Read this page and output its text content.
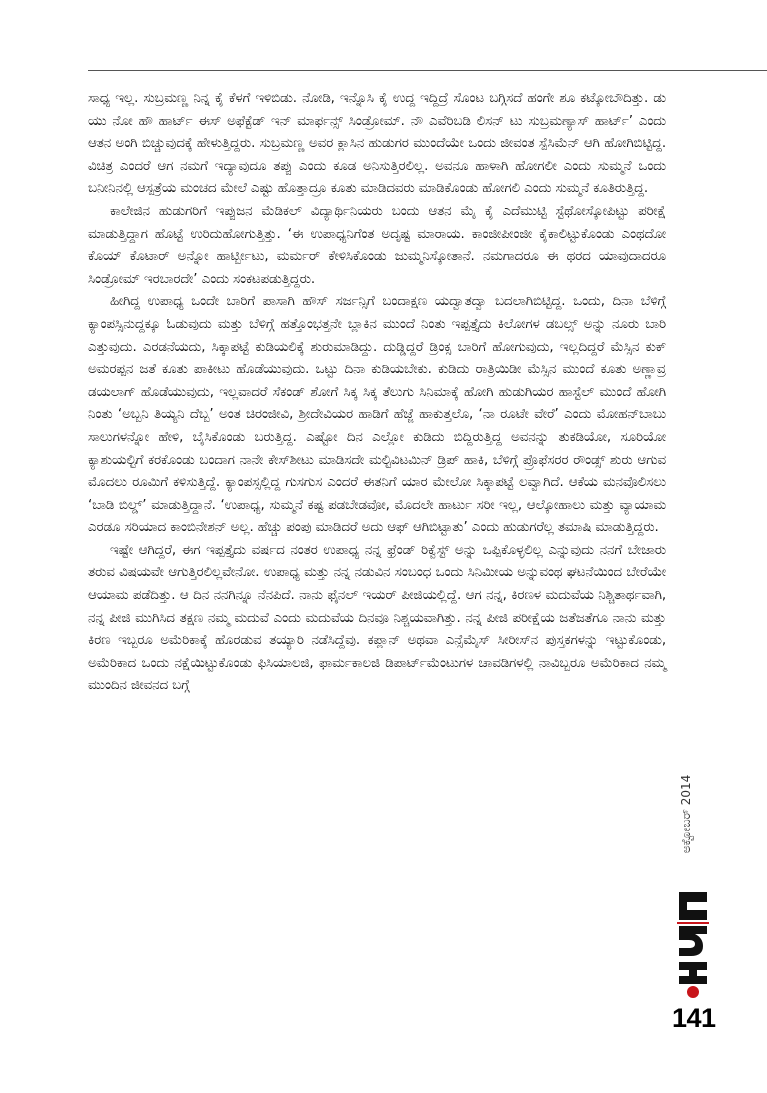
ಸಾಧ್ಯ ಇಲ್ಲ. ಸುಬ್ರಮಣ್ಣ ನಿನ್ನ ಕೈ ಕೆಳಗೆ ಇಳಿಬಿಡು. ನೋಡಿ, ಇನ್ನೊಸಿ ಕೈ ಉದ್ದ ಇದ್ದಿದ್ರೆ ಸೊಂಟ ಬಗ್ಗಿಸದೆ ಹಂಗೇ ಶೂ ಕಟ್ಕೋಬೌದಿತ್ತು. ಡು ಯು ನೋ ಹೌ ಹಾರ್ಟ್ ಈಸ್ ಅಫೆಕ್ಟೆಡ್ ಇನ್ ಮಾರ್ಫನ್ಸ್ ಸಿಂಡ್ರೋಮ್. ನೌ ಎವೆರಿಬಡಿ ಲಿಸನ್ ಟು ಸುಬ್ರಮಣ್ಯಾಸ್ ಹಾರ್ಟ್’ ಎಂದು ಆತನ ಅಂಗಿ ಬಿಚ್ಚುವುದಕ್ಕೆ ಹೇಳುತ್ತಿದ್ದರು. ಸುಬ್ರಮಣ್ಣ ಅವರ ಕ್ಲಾಸಿನ ಹುಡುಗರ ಮುಂದೆಯೇ ಒಂದು ಜೀವಂತ ಸ್ಪೆಸಿಮೆನ್ ಆಗಿ ಹೋಗಿಬಿಟ್ಟಿದ್ದ. ವಿಚಿತ್ರ ಎಂದರೆ ಆಗ ನಮಗೆ ಇದ್ಯಾವುದೂ ತಪ್ಪು ಎಂದು ಕೂಡ ಅನಿಸುತ್ತಿರಲಿಲ್ಲ. ಅವನೂ ಹಾಳಾಗಿ ಹೋಗಲೀ ಎಂದು ಸುಮ್ಮನೆ ಒಂದು ಬನೀನಿನಲ್ಲಿ ಆಸ್ಪತ್ರೆಯ ಮಂಚದ ಮೇಲೆ ಎಷ್ಟು ಹೊತ್ತಾದ್ರೂ ಕೂತು ಮಾಡಿದವರು ಮಾಡಿಕೊಂಡು ಹೋಗಲಿ ಎಂದು ಸುಮ್ಮನೆ ಕೂತಿರುತ್ತಿದ್ದ.

ಕಾಲೇಜಿನ ಹುಡುಗರಿಗೆ ಇಪ್ಪುಜನ ಮೆಡಿಕಲ್ ವಿದ್ಯಾರ್ಥಿನಿಯರು ಬಂದು ಆತನ ಮೈ ಕೈ ಎದೆಮುಟ್ಟಿ ಸ್ಟೆಥೋಸ್ಕೋಪಿಟ್ಟು ಪರೀಕ್ಷೆ ಮಾಡುತ್ತಿದ್ದಾಗ ಹೊಟ್ಟೆ ಉರಿದುಹೋಗುತ್ತಿತ್ತು. ‘ಈ ಉಪಾಧ್ಯನಿಗೆಂತ ಅದೃಷ್ಟ ಮಾರಾಯ. ಕಾಂಜೀಪೀಂಜೀ ಕೈಕಾಲಿಟ್ಟುಕೊಂಡು ಎಂಥದೋ ಕೊಯ್ ಕೊಟಾರ್ ಅನ್ನೋ ಹಾರ್ಟ್ಬೀಟು, ಮರ್ಮರ್ ಕೇಳಿಸಿಕೊಂಡು ಜುಮ್ಮನಿಸ್ಕೋತಾನೆ. ನಮಗಾದರೂ ಈ ಥರದ ಯಾವುದಾದರೂ ಸಿಂಡ್ರೋಮ್ ಇರಬಾರದೇ’ ಎಂದು ಸಂಕಟಪಡುತ್ತಿದ್ದರು.

ಹೀಗಿದ್ದ ಉಪಾಧ್ಯ ಒಂದೇ ಬಾರಿಗೆ ಪಾಸಾಗಿ ಹೌಸ್ ಸರ್ಜನ್ಸಿಗೆ ಬಂದಾಕ್ಷಣ ಯದ್ವಾತದ್ವಾ ಬದಲಾಗಿಬಿಟ್ಟಿದ್ದ. ಒಂದು, ದಿನಾ ಬೆಳಿಗ್ಗೆ ಕ್ಯಾಂಪಸ್ಸಿನುದ್ದಕ್ಕೂ ಓಡುವುದು ಮತ್ತು ಬೆಳಿಗ್ಗೆ ಹತ್ತೊಂಭತ್ತನೇ ಬ್ಲಾಕಿನ ಮುಂದೆ ನಿಂತು ಇಪ್ಪತ್ತೈದು ಕಿಲೋಗಳ ಡಬಲ್ಸ್ ಅನ್ನು ನೂರು ಬಾರಿ ಎತ್ತುವುದು. ಎರಡನೆಯದು, ಸಿಕ್ಕಾಪಟ್ಟೆ ಕುಡಿಯಲಿಕ್ಕೆ ಶುರುಮಾಡಿದ್ದು. ದುಡ್ಡಿದ್ದರೆ ಡ್ರಿಂಕ್ಸ ಬಾರಿಗೆ ಹೋಗುವುದು, ಇಲ್ಲದಿದ್ದರೆ ಮೆಸ್ಸಿನ ಕುಕ್ ಅಮರಪ್ಪನ ಜತೆ ಕೂತು ಪಾಕೀಟು ಹೊಡೆಯುವುದು. ಒಟ್ಟು ದಿನಾ ಕುಡಿಯಬೇಕು. ಕುಡಿದು ರಾತ್ರಿಯಿಡೀ ಮೆಸ್ಸಿನ ಮುಂದೆ ಕೂತು ಅಣ್ಣಾವ್ರ ಡಯಲಾಗ್ ಹೊಡೆಯುವುದು, ಇಲ್ಲವಾದರೆ ಸೆಕಂಡ್ ಶೋಗೆ ಸಿಕ್ಕ ಸಿಕ್ಕ ತೆಲುಗು ಸಿನಿಮಾಕ್ಕೆ ಹೋಗಿ ಹುಡುಗಿಯರ ಹಾಸ್ಟೆಲ್ ಮುಂದೆ ಹೋಗಿ ನಿಂತು ‘ಅಬ್ಬನಿ ತಿಯ್ಯನಿ ದೆಬ್ಬ’ ಅಂತ ಚಿರಂಜೀವಿ, ಶ್ರೀದೇವಿಯರ ಹಾಡಿಗೆ ಹೆಜ್ಜೆ ಹಾಕುತ್ತಲೊ, ‘ನಾ ರೂಟೇ ವೇರೆ’ ಎಂದು ಮೋಹನ್‌ಬಾಬು ಸಾಲುಗಳನ್ನೋ ಹೇಳಿ, ಬೈಸಿಕೊಂಡು ಬರುತ್ತಿದ್ದ. ಎಷ್ಟೋ ದಿನ ಎಲ್ಲೋ ಕುಡಿದು ಬಿದ್ದಿರುತ್ತಿದ್ದ ಅವನನ್ನು ತುಕಡಿಯೋ, ಸೂರಿಯೋ ಕ್ಯಾಶುಯಲ್ಟಿಗೆ ಕರಕೊಂಡು ಬಂದಾಗ ನಾನೇ ಕೇಸ್‌ಶೀಟು ಮಾಡಿಸದೇ ಮಲ್ಟಿವಿಟಮಿನ್ ಡ್ರಿಪ್ ಹಾಕಿ, ಬೆಳಿಗ್ಗೆ ಪ್ರೊಫೆಸರರ ರೌಂಡ್ಸ್ ಶುರು ಆಗುವ ಮೊದಲು ರೂಮಿಗೆ ಕಳಿಸುತ್ತಿದ್ದೆ. ಕ್ಯಾಂಪಸ್ಸಲ್ಲಿದ್ದ ಗುಸಗುಸ ಎಂದರೆ ಈತನಿಗೆ ಯಾರ ಮೇಲೋ ಸಿಕ್ಕಾಪಟ್ಟೆ ಲವ್ವಾಗಿದೆ. ಆಕೆಯ ಮನವೊಲಿಸಲು ‘ಬಾಡಿ ಬಿಲ್ಡ್’ ಮಾಡುತ್ತಿದ್ದಾನೆ. ‘ಉಪಾಧ್ಯ, ಸುಮ್ಮನೆ ಕಷ್ಟ ಪಡಬೇಡವೋ, ಮೊದಲೇ ಹಾರ್ಟು ಸರೀ ಇಲ್ಲ, ಆಲ್ಕೋಹಾಲು ಮತ್ತು ವ್ಯಾಯಾಮ ಎರಡೂ ಸರಿಯಾದ ಕಾಂಬಿನೇಶನ್ ಅಲ್ಲ. ಹೆಚ್ಚು ಪಂಪು ಮಾಡಿದರೆ ಅದು ಆಫ್ ಆಗಿಬಿಟ್ಟಾತು’ ಎಂದು ಹುಡುಗರೆಲ್ಲ ತಮಾಷಿ ಮಾಡುತ್ತಿದ್ದರು.

ಇಷ್ಟೇ ಆಗಿದ್ದರೆ, ಈಗ ಇಪ್ಪತ್ತೈದು ವರ್ಷದ ನಂತರ ಉಪಾಧ್ಯ ನನ್ನ ಫ್ರೆಂಡ್ ರಿಕ್ವೆಸ್ಟ್ ಅನ್ನು ಒಪ್ಪಿಕೊಳ್ಳಲಿಲ್ಲ ಎನ್ನುವುದು ನನಗೆ ಬೇಜಾರು ತರುವ ವಿಷಯವೇ ಆಗುತ್ತಿರಲಿಲ್ಲವೇನೋ. ಉಪಾಧ್ಯ ಮತ್ತು ನನ್ನ ನಡುವಿನ ಸಂಬಂಧ ಒಂದು ಸಿನಿಮೀಯ ಅನ್ನುವಂಥ ಘಟನೆಯಿಂದ ಬೇರೆಯೇ ಆಯಾಮ ಪಡೆದಿತ್ತು. ಆ ದಿನ ನನಗಿನ್ನೂ ನೆನಪಿದೆ. ನಾನು ಫೈನಲ್ ಇಯರ್ ಪೀಜಿಯಲ್ಲಿದ್ದೆ. ಆಗ ನನ್ನ, ಕಿರಣಳ ಮದುವೆಯ ನಿಶ್ಚಿತಾರ್ಥವಾಗಿ, ನನ್ನ ಪೀಜಿ ಮುಗಿಸಿದ ತಕ್ಷಣ ನಮ್ಮ ಮದುವೆ ಎಂದು ಮದುವೆಯ ದಿನವೂ ನಿಶ್ಚಯವಾಗಿತ್ತು. ನನ್ನ ಪೀಜಿ ಪರೀಕ್ಷೆಯ ಜತೆಜತೆಗೂ ನಾನು ಮತ್ತು ಕಿರಣ ಇಬ್ಬರೂ ಅಮೆರಿಕಾಕ್ಕೆ ಹೊರಡುವ ತಯ್ಯಾರಿ ನಡೆಸಿದ್ದೆವು. ಕಪ್ಲಾನ್ ಅಥವಾ ಎನ್ಸೆಮೈಸ್ ಸೀರೀಸ್‌ನ ಪುಸ್ತಕಗಳನ್ನು ಇಟ್ಟುಕೊಂಡು, ಅಮೆರಿಕಾದ ಒಂದು ನಕ್ಷೆಯಿಟ್ಟುಕೊಂಡು ಫಿಸಿಯಾಲಜಿ, ಫಾರ್ಮಕಾಲಜಿ ಡಿಪಾರ್ಟ್‌ಮೆಂಟುಗಳ ಚಾವಡಿಗಳಲ್ಲಿ ನಾವಿಬ್ಬರೂ ಅಮೆರಿಕಾದ ನಮ್ಮ ಮುಂದಿನ ಜೀವನದ ಬಗ್ಗೆ

ಅಕ್ಟೋಬರ್ 2014
141
